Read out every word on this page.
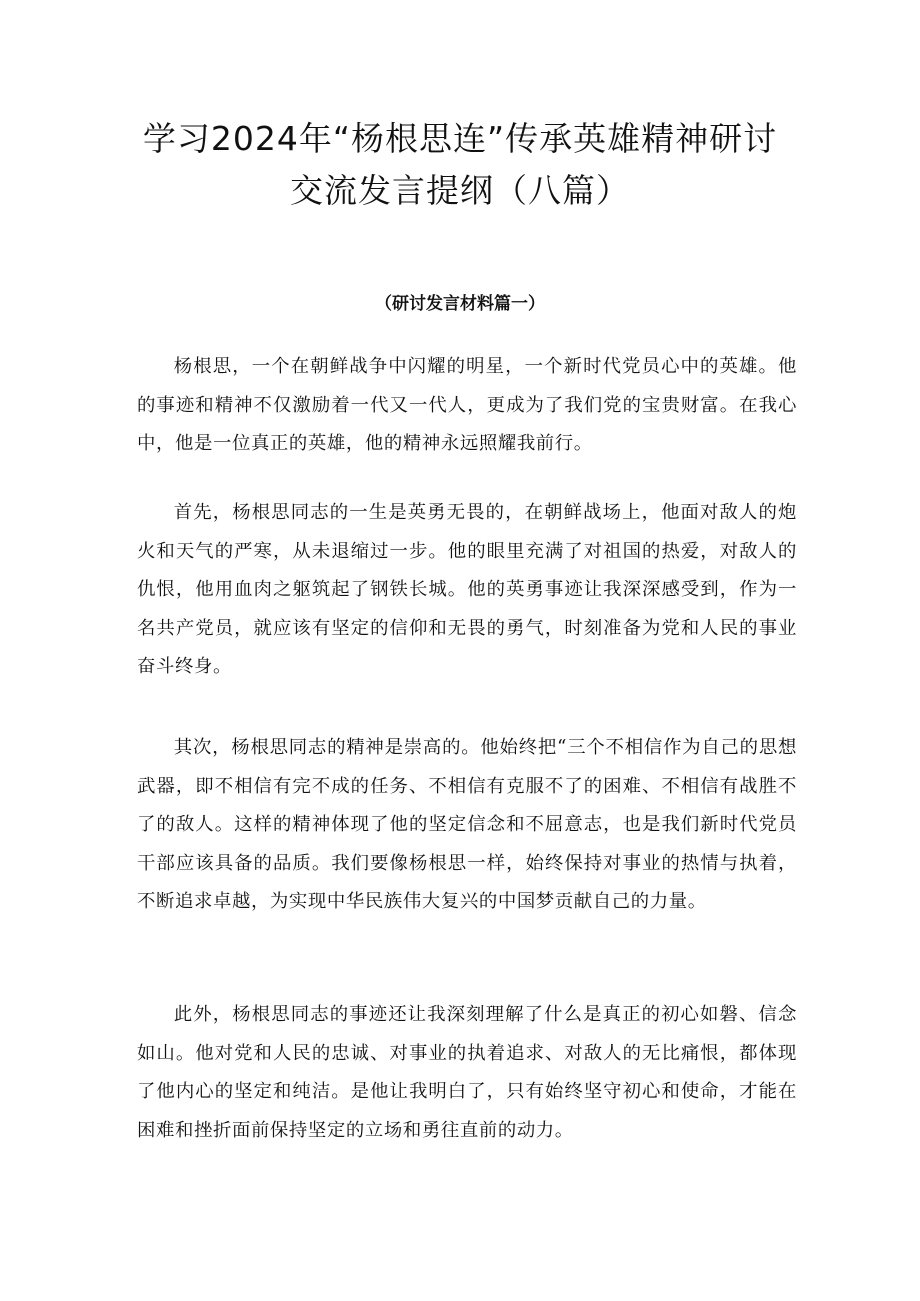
学习2024年“杨根思连”传承英雄精神研讨
交流发言提纲（八篇）
（研讨发言材料篇一）

杨根思，一个在朝鲜战争中闪耀的明星，一个新时代党员心中的英雄。他的事迹和精神不仅激励着一代又一代人，更成为了我们党的宝贵财富。在我心中，他是一位真正的英雄，他的精神永远照耀我前行。

首先，杨根思同志的一生是英勇无畏的，在朝鲜战场上，他面对敌人的炮火和天气的严寒，从未退缩过一步。他的眼里充满了对祖国的热爱，对敌人的仇恨，他用血肉之躯筑起了钢铁长城。他的英勇事迹让我深深感受到，作为一名共产党员，就应该有坚定的信仰和无畏的勇气，时刻准备为党和人民的事业奋斗终身。

其次，杨根思同志的精神是崇高的。他始终把“三个不相信作为自己的思想武器，即不相信有完不成的任务、不相信有克服不了的困难、不相信有战胜不了的敌人。这样的精神体现了他的坚定信念和不屈意志，也是我们新时代党员干部应该具备的品质。我们要像杨根思一样，始终保持对事业的热情与执着，不断追求卓越，为实现中华民族伟大复兴的中国梦贡献自己的力量。

此外，杨根思同志的事迹还让我深刻理解了什么是真正的初心如磐、信念如山。他对党和人民的忠诚、对事业的执着追求、对敌人的无比痛恨，都体现了他内心的坚定和纯洁。是他让我明白了，只有始终坚守初心和使命，才能在困难和挫折面前保持坚定的立场和勇往直前的动力。
